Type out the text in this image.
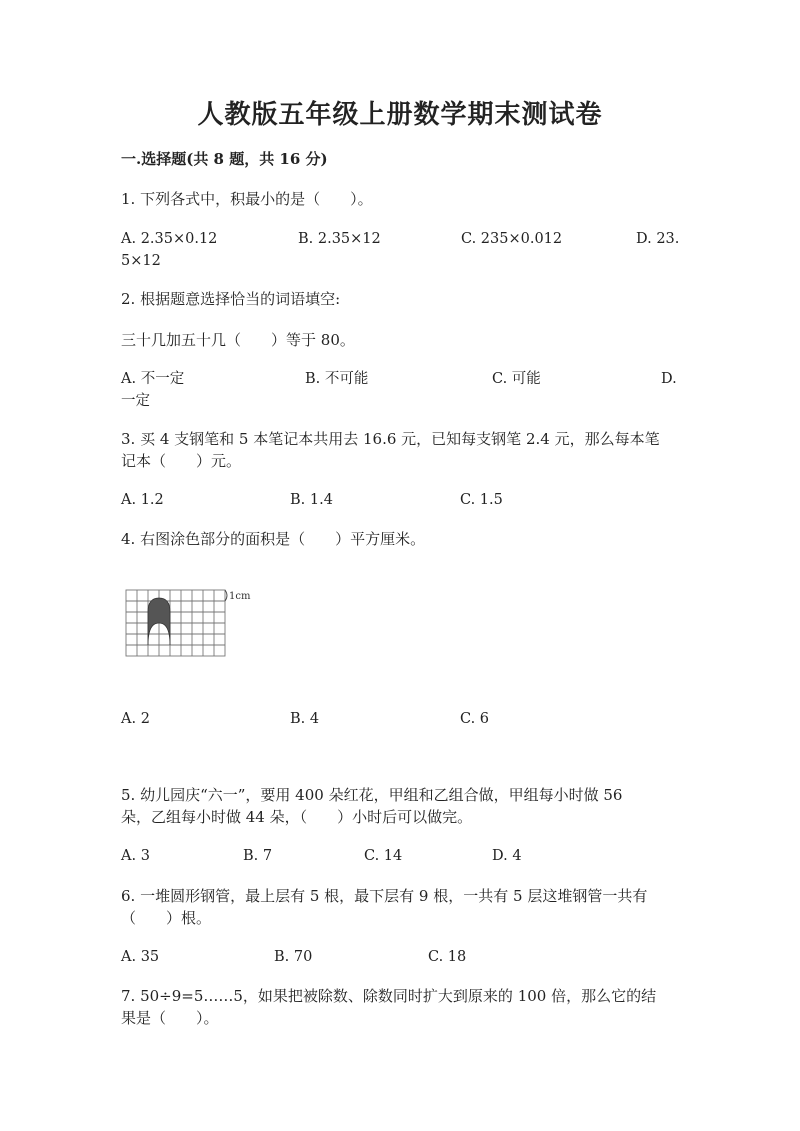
人教版五年级上册数学期末测试卷
一.选择题(共 8 题，共 16 分)
1. 下列各式中，积最小的是（　　）。
A. 2.35×0.12	B. 2.35×12	C. 235×0.012	D. 23.
5×12
2. 根据题意选择恰当的词语填空:
三十几加五十几（　　）等于 80。
A. 不一定	B. 不可能	C. 可能	D.
一定
3. 买 4 支钢笔和 5 本笔记本共用去 16.6 元，已知每支钢笔 2.4 元，那么每本笔
记本（　　）元。
A. 1.2	B. 1.4	C. 1.5
4. 右图涂色部分的面积是（　　）平方厘米。
1cm
A. 2	B. 4	C. 6
5. 幼儿园庆“六一”，要用 400 朵红花，甲组和乙组合做，甲组每小时做 56
朵，乙组每小时做 44 朵，（　　）小时后可以做完。
A. 3	B. 7	C. 14	D. 4
6. 一堆圆形钢管，最上层有 5 根，最下层有 9 根，一共有 5 层这堆钢管一共有
（　　）根。
A. 35	B. 70	C. 18
7. 50÷9=5……5，如果把被除数、除数同时扩大到原来的 100 倍，那么它的结
果是（　　）。
